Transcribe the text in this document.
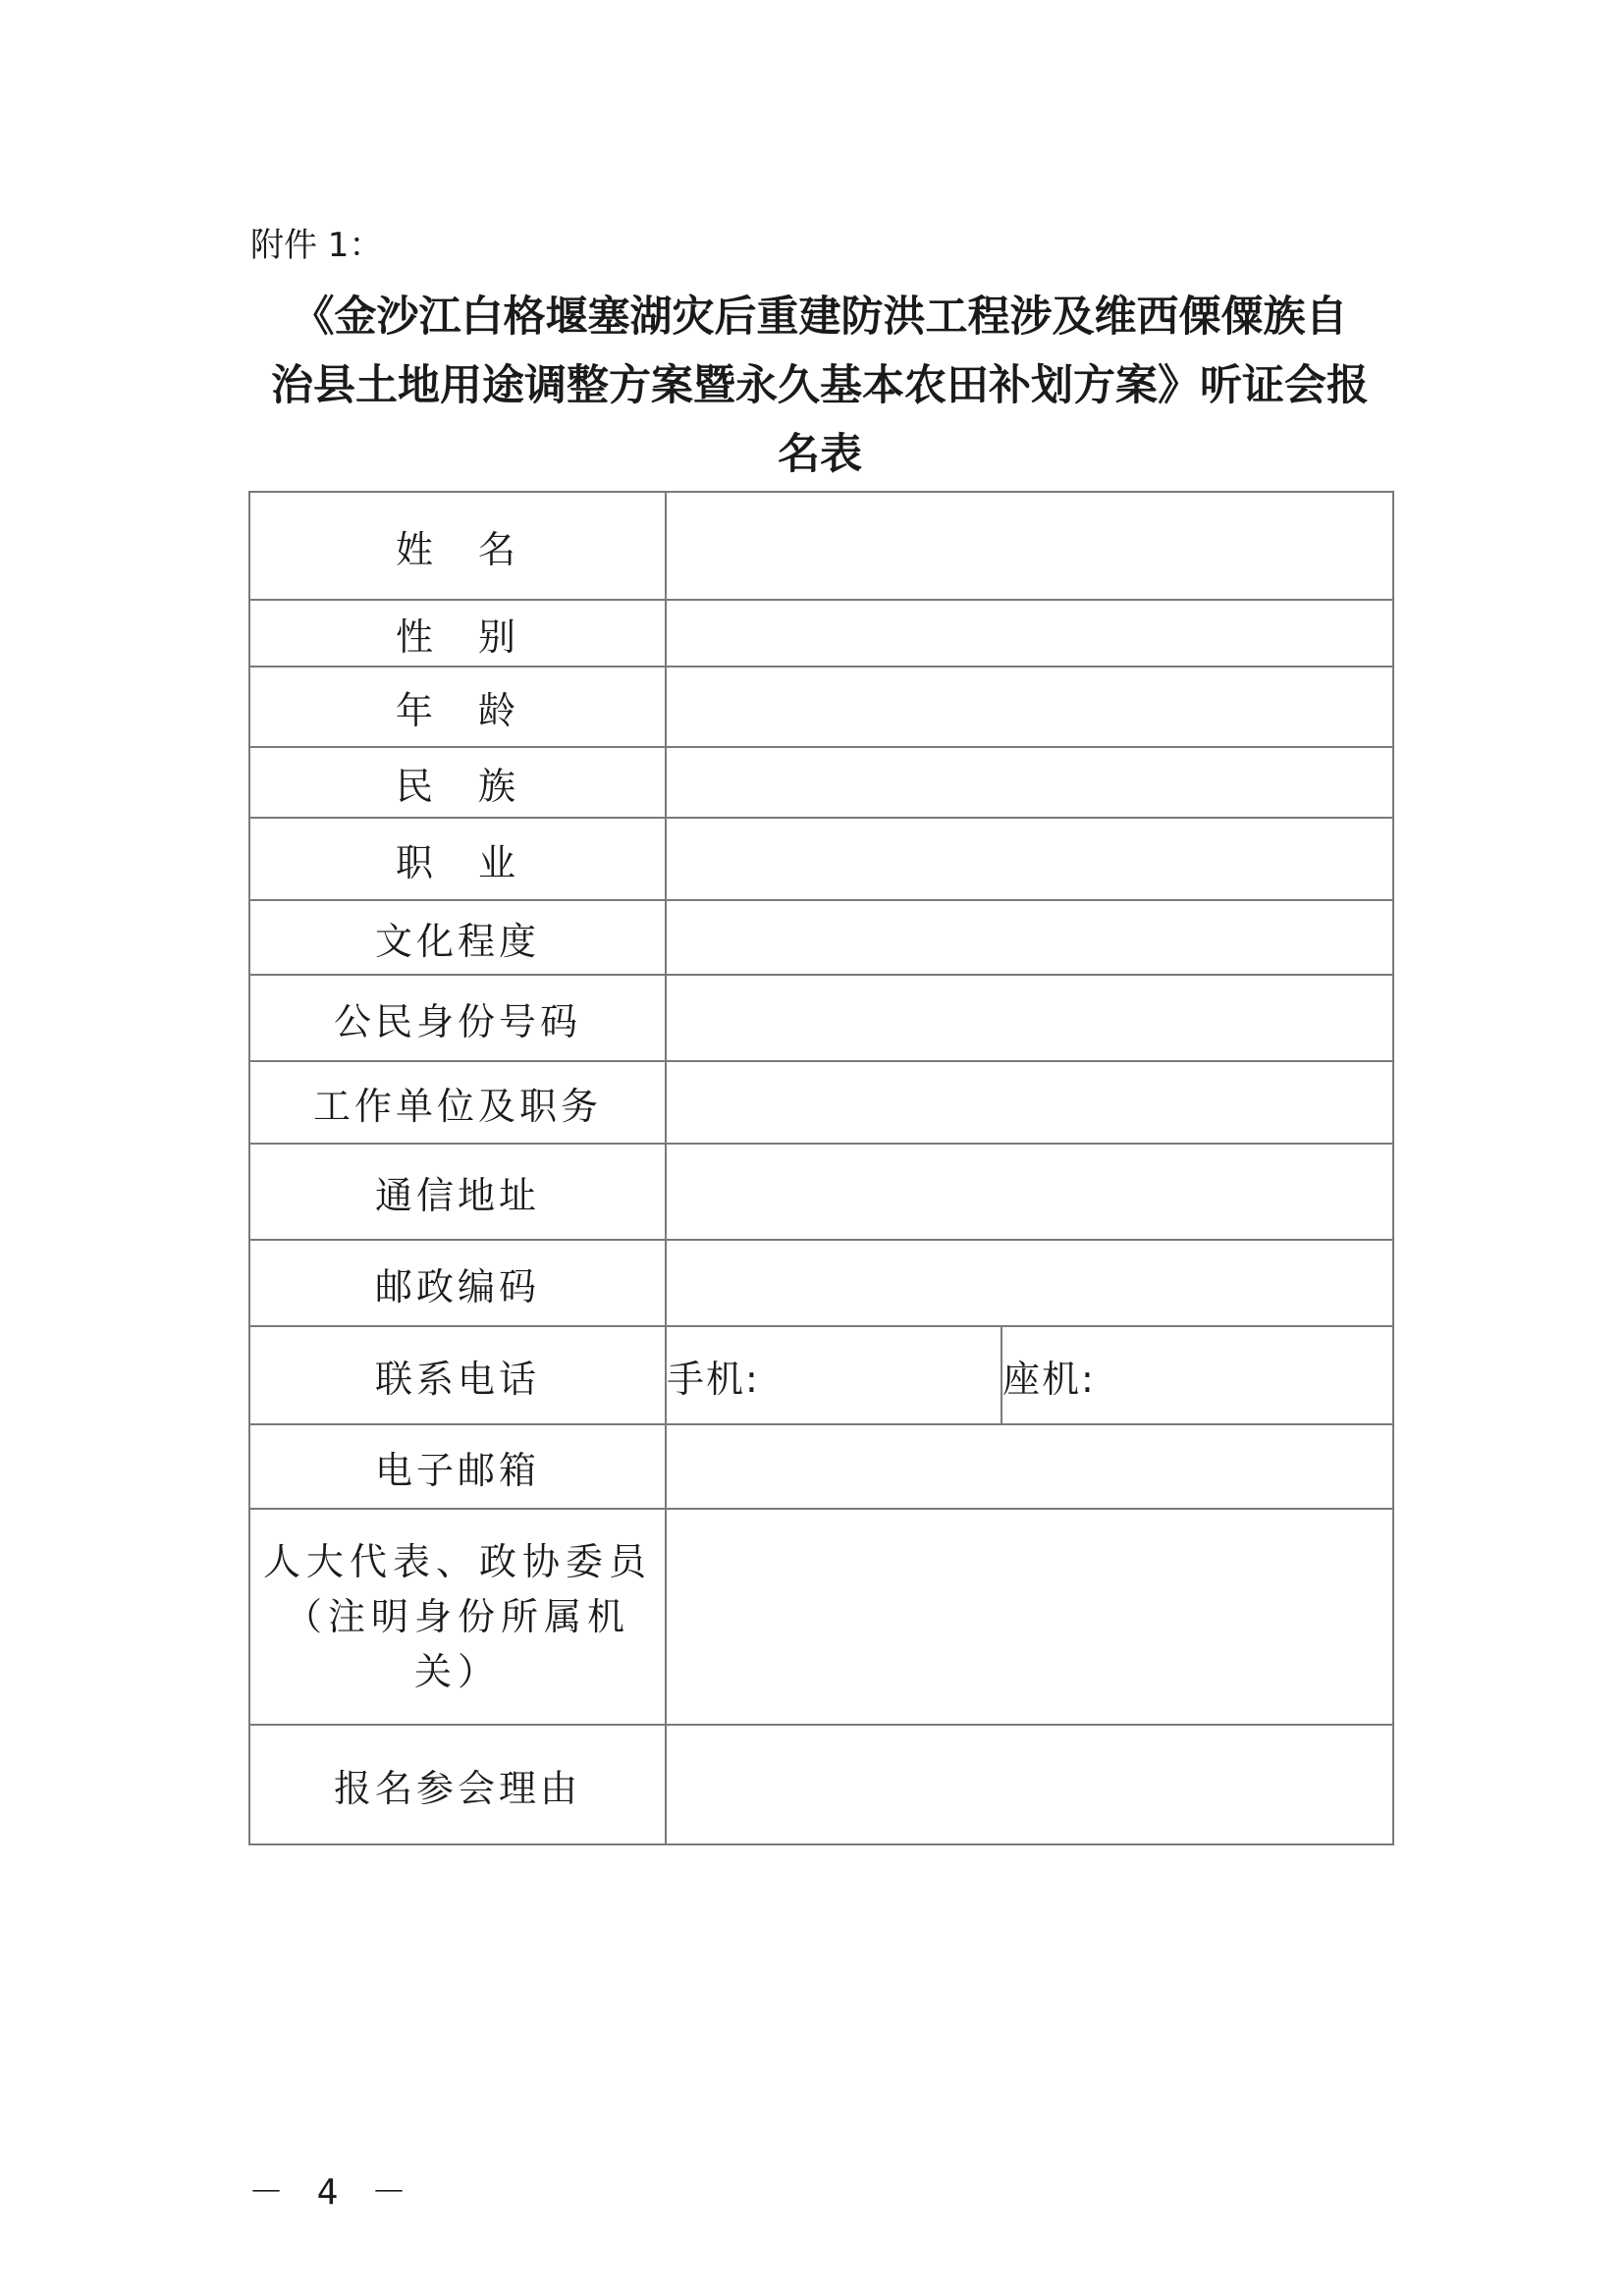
附件 1：
《金沙江白格堰塞湖灾后重建防洪工程涉及维西傈僳族自
治县土地用途调整方案暨永久基本农田补划方案》听证会报
名表
姓　名		
性　别		
年　龄		
民　族		
职　业		
文化程度		
公民身份号码		
工作单位及职务		
通信地址		
邮政编码		
联系电话	手机:	座机:
电子邮箱		

人大代表、政协委员
（注明身份所属机
关）		

报名参会理由		
－ 4 －
